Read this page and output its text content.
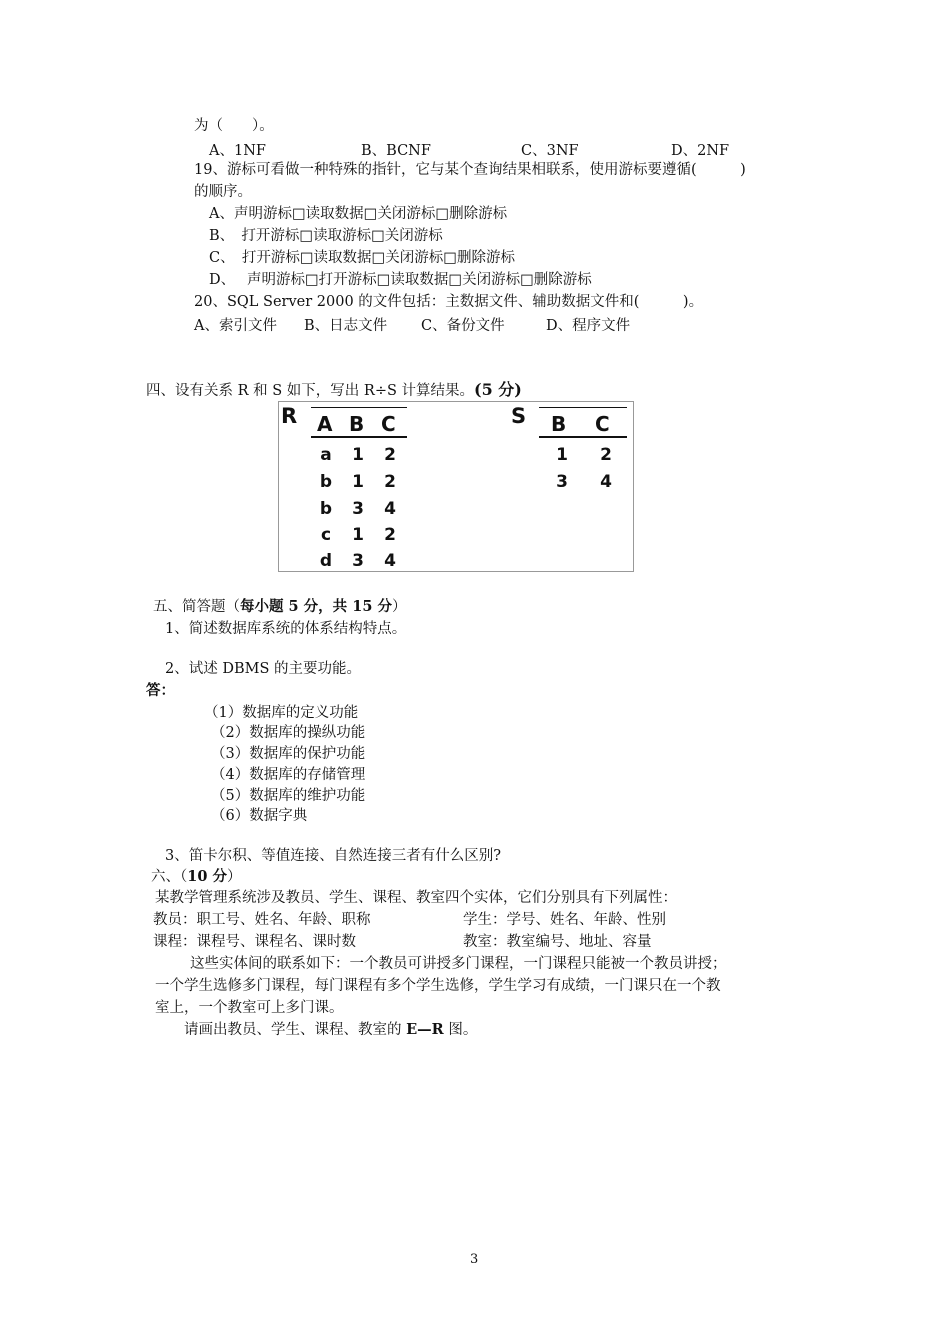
为（　　）。
A、1NF	B、BCNF	C、3NF	D、2NF
19、游标可看做一种特殊的指针，它与某个查询结果相联系，使用游标要遵循(　　　)
的顺序。
A、声明游标□读取数据□关闭游标□删除游标
B、　打开游标□读取游标□关闭游标
C、　打开游标□读取数据□关闭游标□删除游标
D、　 声明游标□打开游标□读取数据□关闭游标□删除游标
20、SQL Server 2000 的文件包括：主数据文件、辅助数据文件和(　　　)。
A、索引文件 B、日志文件 C、备份文件	D、程序文件
四、设有关系 R 和 S 如下，写出 R÷S 计算结果。(5 分)
R A B C
a	1 2
b 1 2
b 3 4
c	1 2
d 3 4
S B C
1 2
3 4
五、简答题（每小题 5 分，共 15 分）
1、简述数据库系统的体系结构特点。
2、试述 DBMS 的主要功能。
答：
（1）数据库的定义功能
（2）数据库的操纵功能
（3）数据库的保护功能
（4）数据库的存储管理
（5）数据库的维护功能
（6）数据字典
3、笛卡尔积、等值连接、自然连接三者有什么区别?
六、（10 分）
某教学管理系统涉及教员、学生、课程、教室四个实体，它们分别具有下列属性：
教员：职工号、姓名、年龄、职称	学生：学号、姓名、年龄、性别
课程：课程号、课程名、课时数	教室：教室编号、地址、容量
这些实体间的联系如下：一个教员可讲授多门课程，一门课程只能被一个教员讲授；
一个学生选修多门课程，每门课程有多个学生选修，学生学习有成绩，一门课只在一个教
室上，一个教室可上多门课。
请画出教员、学生、课程、教室的 E—R 图。
3
